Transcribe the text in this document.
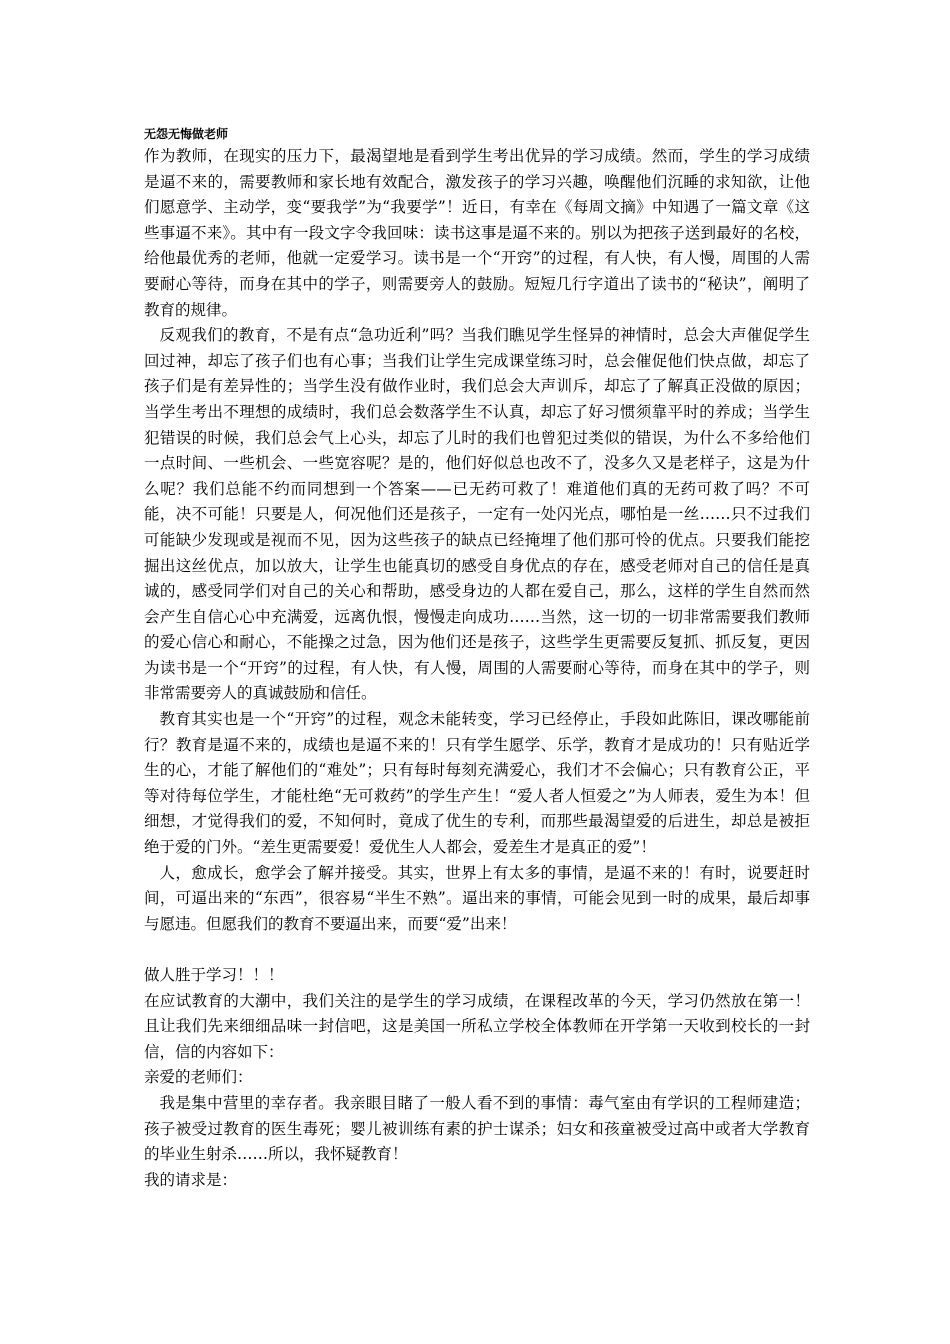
无怨无悔做老师

作为教师，在现实的压力下，最渴望地是看到学生考出优异的学习成绩。然而，学生的学习成绩是逼不来的，需要教师和家长地有效配合，激发孩子的学习兴趣，唤醒他们沉睡的求知欲，让他们愿意学、主动学，变“要我学”为“我要学”！近日，有幸在《每周文摘》中知遇了一篇文章《这些事逼不来》。其中有一段文字令我回味：读书这事是逼不来的。别以为把孩子送到最好的名校，给他最优秀的老师，他就一定爱学习。读书是一个“开窍”的过程，有人快，有人慢，周围的人需要耐心等待，而身在其中的学子，则需要旁人的鼓励。短短几行字道出了读书的“秘诀”，阐明了教育的规律。

反观我们的教育，不是有点“急功近利”吗？当我们瞧见学生怪异的神情时，总会大声催促学生回过神，却忘了孩子们也有心事；当我们让学生完成课堂练习时，总会催促他们快点做，却忘了孩子们是有差异性的；当学生没有做作业时，我们总会大声训斥，却忘了了解真正没做的原因；当学生考出不理想的成绩时，我们总会数落学生不认真，却忘了好习惯须靠平时的养成；当学生犯错误的时候，我们总会气上心头，却忘了儿时的我们也曾犯过类似的错误，为什么不多给他们一点时间、一些机会、一些宽容呢？是的，他们好似总也改不了，没多久又是老样子，这是为什么呢？我们总能不约而同想到一个答案——已无药可救了！难道他们真的无药可救了吗？不可能，决不可能！只要是人，何况他们还是孩子，一定有一处闪光点，哪怕是一丝……只不过我们可能缺少发现或是视而不见，因为这些孩子的缺点已经掩埋了他们那可怜的优点。只要我们能挖掘出这丝优点，加以放大，让学生也能真切的感受自身优点的存在，感受老师对自己的信任是真诚的，感受同学们对自己的关心和帮助，感受身边的人都在爱自己，那么，这样的学生自然而然会产生自信心心中充满爱，远离仇恨，慢慢走向成功……当然，这一切的一切非常需要我们教师的爱心信心和耐心，不能操之过急，因为他们还是孩子，这些学生更需要反复抓、抓反复，更因为读书是一个“开窍”的过程，有人快，有人慢，周围的人需要耐心等待，而身在其中的学子，则非常需要旁人的真诚鼓励和信任。

教育其实也是一个“开窍”的过程，观念未能转变，学习已经停止，手段如此陈旧，课改哪能前行？教育是逼不来的，成绩也是逼不来的！只有学生愿学、乐学，教育才是成功的！只有贴近学生的心，才能了解他们的“难处”；只有每时每刻充满爱心，我们才不会偏心；只有教育公正，平等对待每位学生，才能杜绝“无可救药”的学生产生！“爱人者人恒爱之”为人师表，爱生为本！但细想，才觉得我们的爱，不知何时，竟成了优生的专利，而那些最渴望爱的后进生，却总是被拒绝于爱的门外。“差生更需要爱！爱优生人人都会，爱差生才是真正的爱”！

人，愈成长，愈学会了解并接受。其实，世界上有太多的事情，是逼不来的！有时，说要赶时间，可逼出来的“东西”，很容易“半生不熟”。逼出来的事情，可能会见到一时的成果，最后却事与愿违。但愿我们的教育不要逼出来，而要“爱”出来！

做人胜于学习！！！

在应试教育的大潮中，我们关注的是学生的学习成绩，在课程改革的今天，学习仍然放在第一！且让我们先来细细品味一封信吧，这是美国一所私立学校全体教师在开学第一天收到校长的一封信，信的内容如下：

亲爱的老师们：

我是集中营里的幸存者。我亲眼目睹了一般人看不到的事情：毒气室由有学识的工程师建造；孩子被受过教育的医生毒死；婴儿被训练有素的护士谋杀；妇女和孩童被受过高中或者大学教育的毕业生射杀……所以，我怀疑教育！

我的请求是：
